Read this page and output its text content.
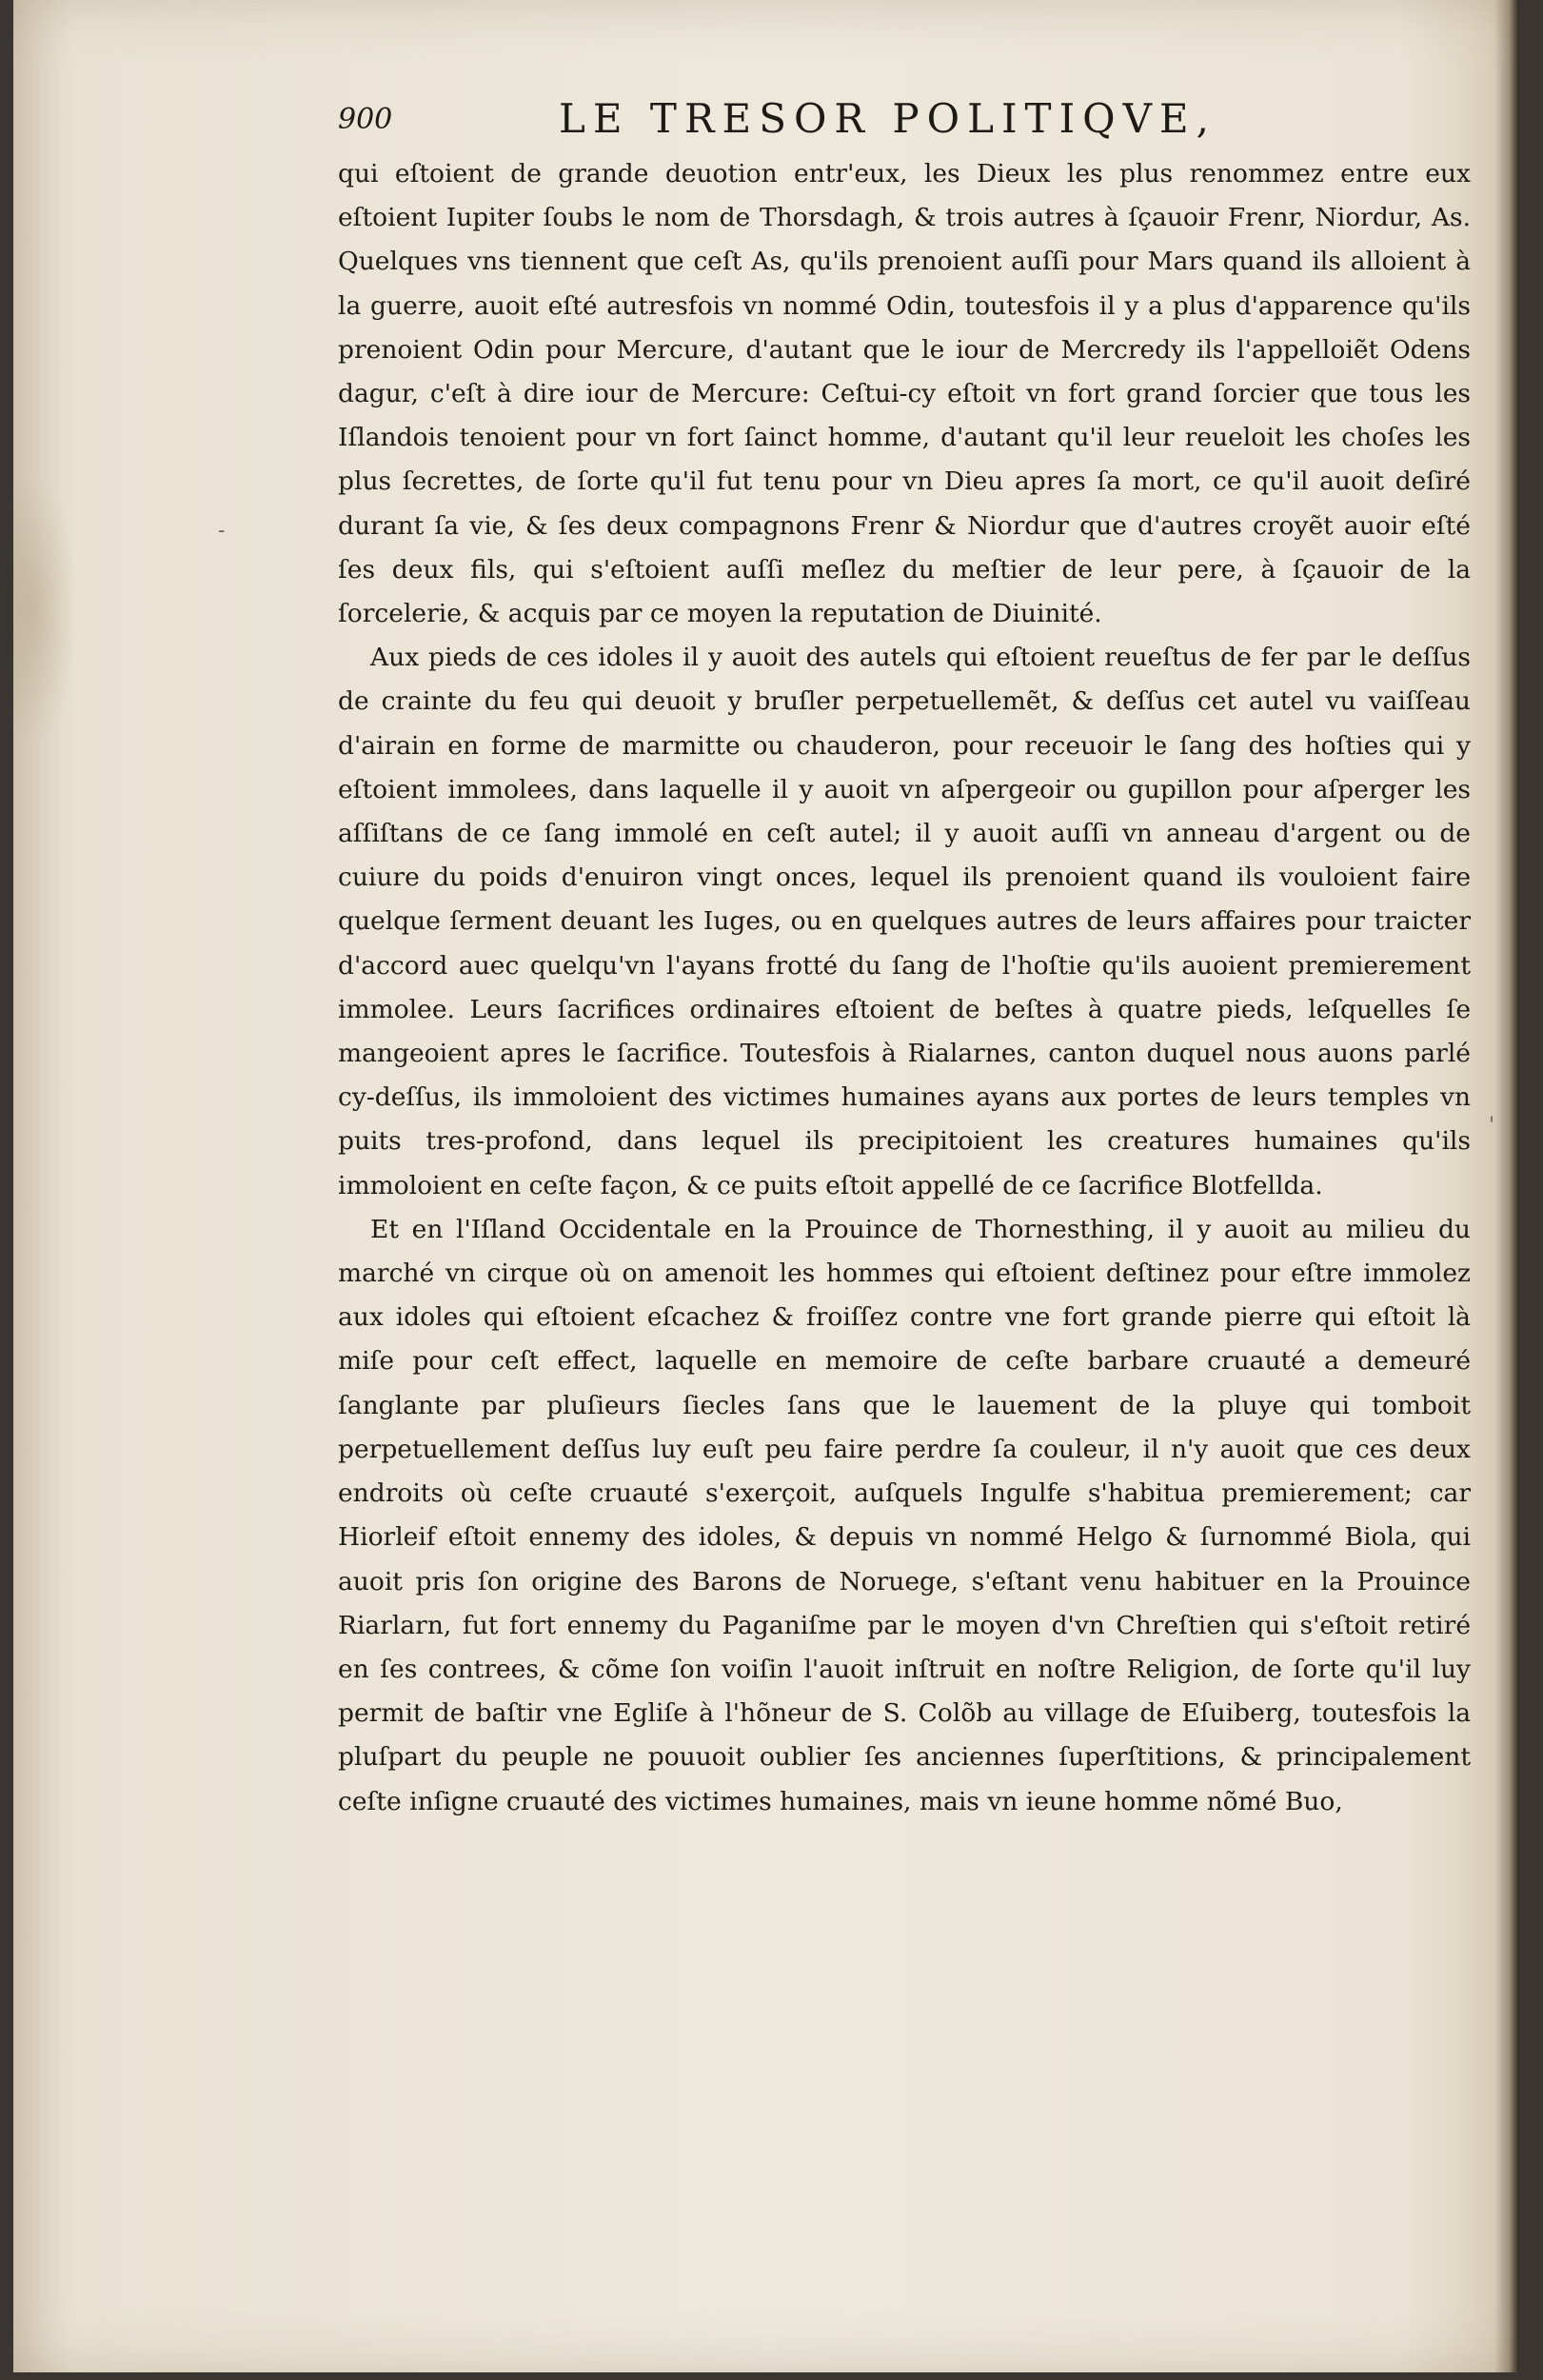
-
'
900	LE TRESOR POLITIQVE,

qui eſtoient de grande deuotion entr'eux, les Dieux les plus renommez entre eux eſtoient Iupiter ſoubs le nom de Thorsdagh, & trois autres à ſçauoir Frenr, Niordur, As. Quelques vns tiennent que ceſt As, qu'ils prenoient auſſi pour Mars quand ils alloient à la guerre, auoit eſté autresfois vn nommé Odin, toutesfois il y a plus d'apparence qu'ils prenoient Odin pour Mercure, d'autant que le iour de Mercredy ils l'appelloiẽt Odens dagur, c'eſt à dire iour de Mercure: Ceſtui-cy eſtoit vn fort grand ſorcier que tous les Iſlandois tenoient pour vn fort ſainct homme, d'autant qu'il leur reueloit les choſes les plus ſecrettes, de ſorte qu'il fut tenu pour vn Dieu apres ſa mort, ce qu'il auoit deſiré durant ſa vie, & ſes deux compagnons Frenr & Niordur que d'autres croyẽt auoir eſté ſes deux fils, qui s'eſtoient auſſi meſlez du meſtier de leur pere, à ſçauoir de la ſorcelerie, & acquis par ce moyen la reputation de Diuinité.

Aux pieds de ces idoles il y auoit des autels qui eſtoient reueſtus de fer par le deſſus de crainte du feu qui deuoit y bruſler perpetuellemẽt, & deſſus cet autel vu vaiſſeau d'airain en forme de marmitte ou chauderon, pour receuoir le ſang des hoſties qui y eſtoient immolees, dans laquelle il y auoit vn aſpergeoir ou gupillon pour aſperger les aſſiſtans de ce ſang immolé en ceſt autel; il y auoit auſſi vn anneau d'argent ou de cuiure du poids d'enuiron vingt onces, lequel ils prenoient quand ils vouloient faire quelque ſerment deuant les Iuges, ou en quelques autres de leurs affaires pour traicter d'accord auec quelqu'vn l'ayans frotté du ſang de l'hoſtie qu'ils auoient premierement immolee. Leurs ſacrifices ordinaires eſtoient de beſtes à quatre pieds, leſquelles ſe mangeoient apres le ſacrifice. Toutesfois à Rialarnes, canton duquel nous auons parlé cy-deſſus, ils immoloient des victimes humaines ayans aux portes de leurs temples vn puits tres-profond, dans lequel ils precipitoient les creatures humaines qu'ils immoloient en ceſte façon, & ce puits eſtoit appellé de ce ſacrifice Blotfellda.

Et en l'Iſland Occidentale en la Prouince de Thornesthing, il y auoit au milieu du marché vn cirque où on amenoit les hommes qui eſtoient deſtinez pour eſtre immolez aux idoles qui eſtoient eſcachez & froiſſez contre vne fort grande pierre qui eſtoit là miſe pour ceſt effect, laquelle en memoire de ceſte barbare cruauté a demeuré ſanglante par pluſieurs ſiecles ſans que le lauement de la pluye qui tomboit perpetuellement deſſus luy euſt peu faire perdre ſa couleur, il n'y auoit que ces deux endroits où ceſte cruauté s'exerçoit, auſquels Ingulfe s'habitua premierement; car Hiorleif eſtoit ennemy des idoles, & depuis vn nommé Helgo & ſurnommé Biola, qui auoit pris ſon origine des Barons de Noruege, s'eſtant venu habituer en la Prouince Riarlarn, fut fort ennemy du Paganiſme par le moyen d'vn Chreſtien qui s'eſtoit retiré en ſes contrees, & cõme ſon voiſin l'auoit inſtruit en noſtre Religion, de ſorte qu'il luy permit de baſtir vne Egliſe à l'hõneur de S. Colõb au village de Eſuiberg, toutesfois la pluſpart du peuple ne pouuoit oublier ſes anciennes ſuperſtitions, & principalement ceſte inſigne cruauté des victimes humaines, mais vn ieune homme nõmé Buo,
